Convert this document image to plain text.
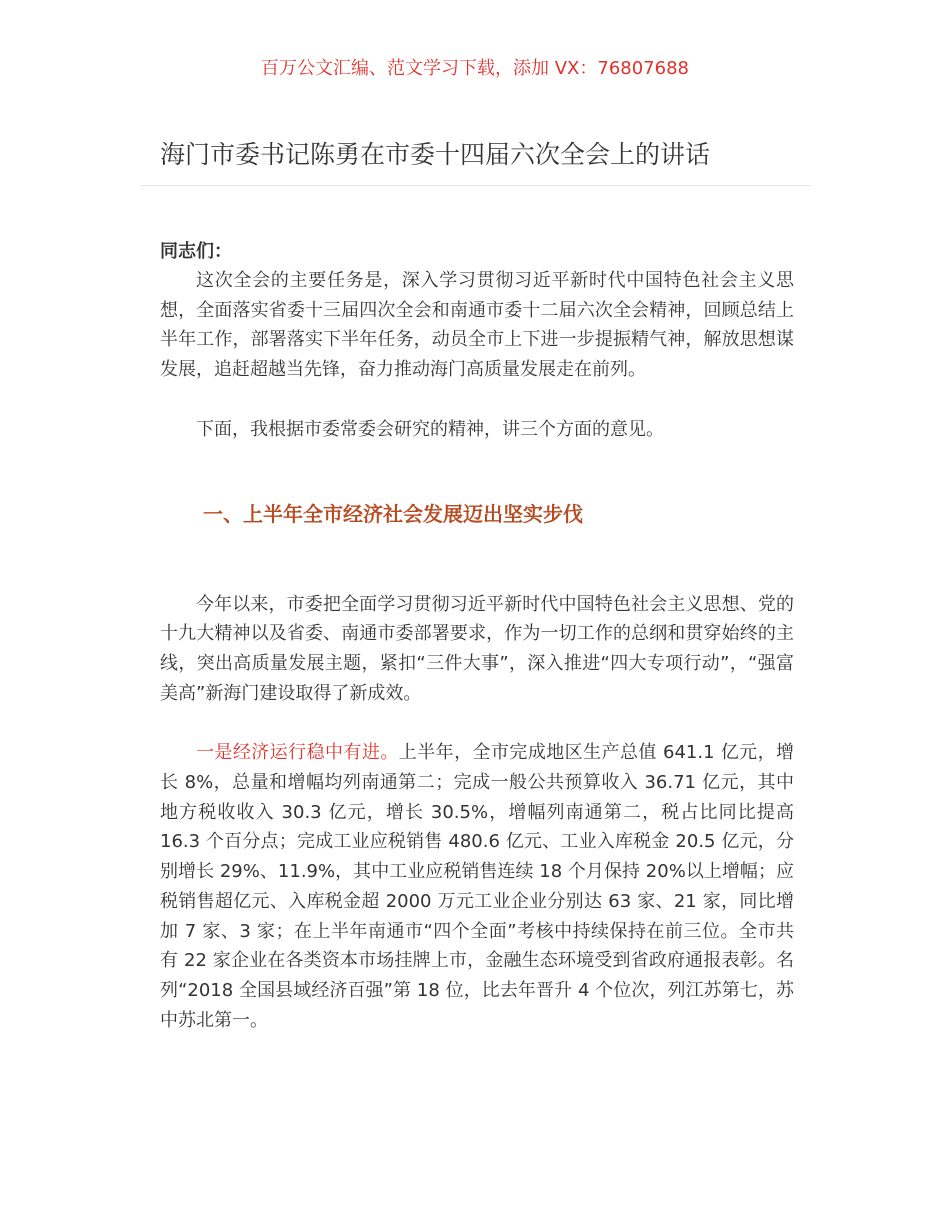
百万公文汇编、范文学习下载，添加 VX：76807688
海门市委书记陈勇在市委十四届六次全会上的讲话

同志们：

这次全会的主要任务是，深入学习贯彻习近平新时代中国特色社会主义思想，全面落实省委十三届四次全会和南通市委十二届六次全会精神，回顾总结上半年工作，部署落实下半年任务，动员全市上下进一步提振精气神，解放思想谋发展，追赶超越当先锋，奋力推动海门高质量发展走在前列。

下面，我根据市委常委会研究的精神，讲三个方面的意见。

一、上半年全市经济社会发展迈出坚实步伐

今年以来，市委把全面学习贯彻习近平新时代中国特色社会主义思想、党的十九大精神以及省委、南通市委部署要求，作为一切工作的总纲和贯穿始终的主线，突出高质量发展主题，紧扣“三件大事”，深入推进“四大专项行动”，“强富美高”新海门建设取得了新成效。

一是经济运行稳中有进。上半年，全市完成地区生产总值 641.1 亿元，增长 8%，总量和增幅均列南通第二；完成一般公共预算收入 36.71 亿元，其中地方税收收入 30.3 亿元，增长 30.5%，增幅列南通第二，税占比同比提高 16.3 个百分点；完成工业应税销售 480.6 亿元、工业入库税金 20.5 亿元，分别增长 29%、11.9%，其中工业应税销售连续 18 个月保持 20%以上增幅；应税销售超亿元、入库税金超 2000 万元工业企业分别达 63 家、21 家，同比增加 7 家、3 家；在上半年南通市“四个全面”考核中持续保持在前三位。全市共有 22 家企业在各类资本市场挂牌上市，金融生态环境受到省政府通报表彰。名列“2018 全国县域经济百强”第 18 位，比去年晋升 4 个位次，列江苏第七，苏中苏北第一。
